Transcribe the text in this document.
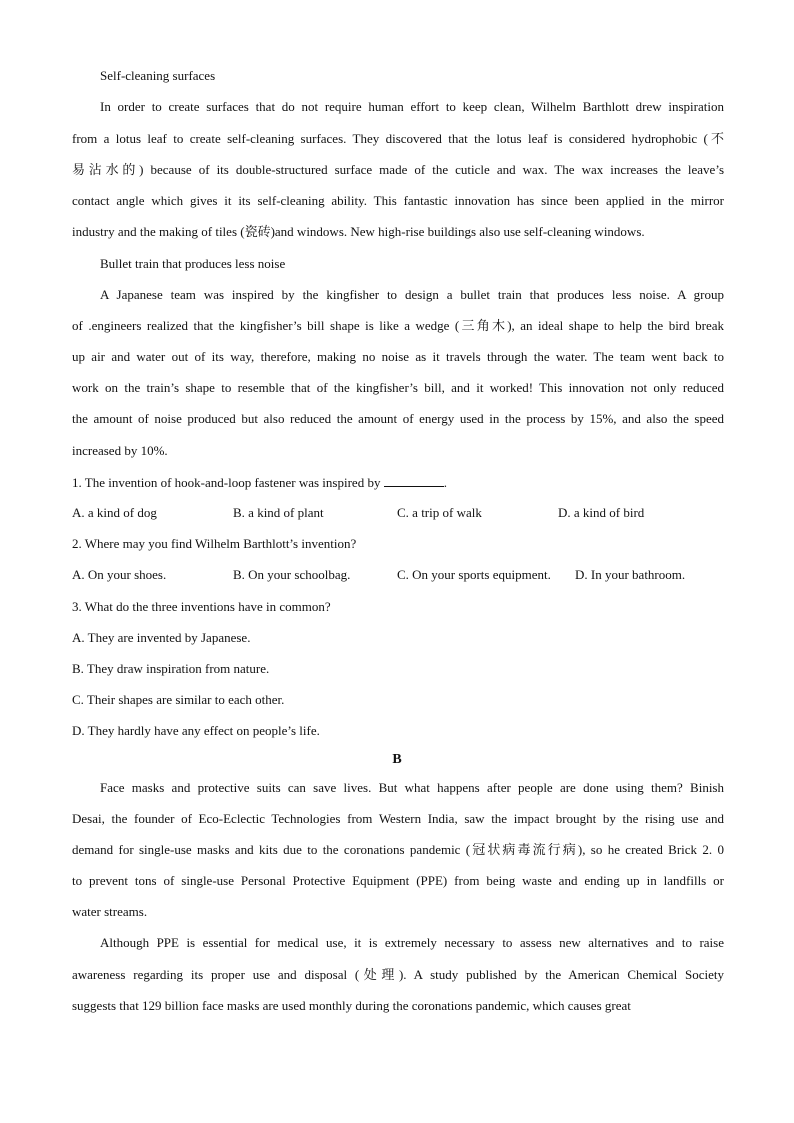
Self-cleaning surfaces
In order to create surfaces that do not require human effort to keep clean, Wilhelm Barthlott drew inspiration
from a lotus leaf to create self-cleaning surfaces. They discovered that the lotus leaf is considered hydrophobic (不
易沾水的) because of its double-structured surface made of the cuticle and wax. The wax increases the leave’s
contact angle which gives it its self-cleaning ability. This fantastic innovation has since been applied in the mirror
industry and the making of tiles (瓷砖)and windows. New high-rise buildings also use self-cleaning windows.
Bullet train that produces less noise
A Japanese team was inspired by the kingfisher to design a bullet train that produces less noise. A group
of .engineers realized that the kingfisher’s bill shape is like a wedge (三角木), an ideal shape to help the bird break
up air and water out of its way, therefore, making no noise as it travels through the water. The team went back to
work on the train’s shape to resemble that of the kingfisher’s bill, and it worked! This innovation not only reduced
the amount of noise produced but also reduced the amount of energy used in the process by 15%, and also the speed
increased by 10%.
1. The invention of hook-and-loop fastener was inspired by	.
A. a kind of dog	B. a kind of plant	C. a trip of walk	D. a kind of bird
2. Where may you find Wilhelm Barthlott’s invention?
A. On your shoes.	B. On your schoolbag.	C. On your sports equipment. D. In your bathroom.
3. What do the three inventions have in common?
A. They are invented by Japanese.
B. They draw inspiration from nature.
C. Their shapes are similar to each other.
D. They hardly have any effect on people’s life.
B
Face masks and protective suits can save lives. But what happens after people are done using them? Binish
Desai, the founder of Eco-Eclectic Technologies from Western India, saw the impact brought by the rising use and
demand for single-use masks and kits due to the coronations pandemic (冠状病毒流行病), so he created Brick 2. 0
to prevent tons of single-use Personal Protective Equipment (PPE) from being waste and ending up in landfills or
water streams.
Although PPE is essential for medical use, it is extremely necessary to assess new alternatives and to raise
awareness regarding its proper use and disposal (处理). A study published by the American Chemical Society
suggests that 129 billion face masks are used monthly during the coronations pandemic, which causes great
